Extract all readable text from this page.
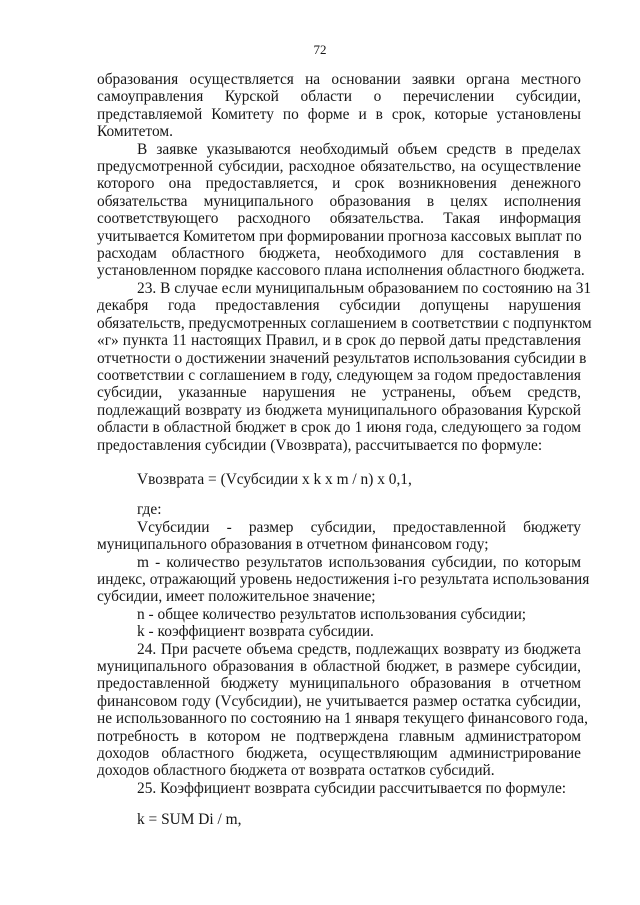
72
образования осуществляется на основании заявки органа местного
самоуправления Курской области о перечислении субсидии,
представляемой Комитету по форме и в срок, которые установлены
Комитетом.
В заявке указываются необходимый объем средств в пределах
предусмотренной субсидии, расходное обязательство, на осуществление
которого она предоставляется, и срок возникновения денежного
обязательства муниципального образования в целях исполнения
соответствующего расходного обязательства. Такая информация
учитывается Комитетом при формировании прогноза кассовых выплат по
расходам областного бюджета, необходимого для составления в
установленном порядке кассового плана исполнения областного бюджета.
23. В случае если муниципальным образованием по состоянию на 31
декабря года предоставления субсидии допущены нарушения
обязательств, предусмотренных соглашением в соответствии с подпунктом
«г» пункта 11 настоящих Правил, и в срок до первой даты представления
отчетности о достижении значений результатов использования субсидии в
соответствии с соглашением в году, следующем за годом предоставления
субсидии, указанные нарушения не устранены, объем средств,
подлежащий возврату из бюджета муниципального образования Курской
области в областной бюджет в срок до 1 июня года, следующего за годом
предоставления субсидии (Vвозврата), рассчитывается по формуле:
Vвозврата = (Vсубсидии х k х m / n) х 0,1,
где:
Vсубсидии - размер субсидии, предоставленной бюджету
муниципального образования в отчетном финансовом году;
m - количество результатов использования субсидии, по которым
индекс, отражающий уровень недостижения i-го результата использования
субсидии, имеет положительное значение;
n - общее количество результатов использования субсидии;
k - коэффициент возврата субсидии.
24. При расчете объема средств, подлежащих возврату из бюджета
муниципального образования в областной бюджет, в размере субсидии,
предоставленной бюджету муниципального образования в отчетном
финансовом году (Vсубсидии), не учитывается размер остатка субсидии,
не использованного по состоянию на 1 января текущего финансового года,
потребность в котором не подтверждена главным администратором
доходов областного бюджета, осуществляющим администрирование
доходов областного бюджета от возврата остатков субсидий.
25. Коэффициент возврата субсидии рассчитывается по формуле:
k = SUM Di / m,
